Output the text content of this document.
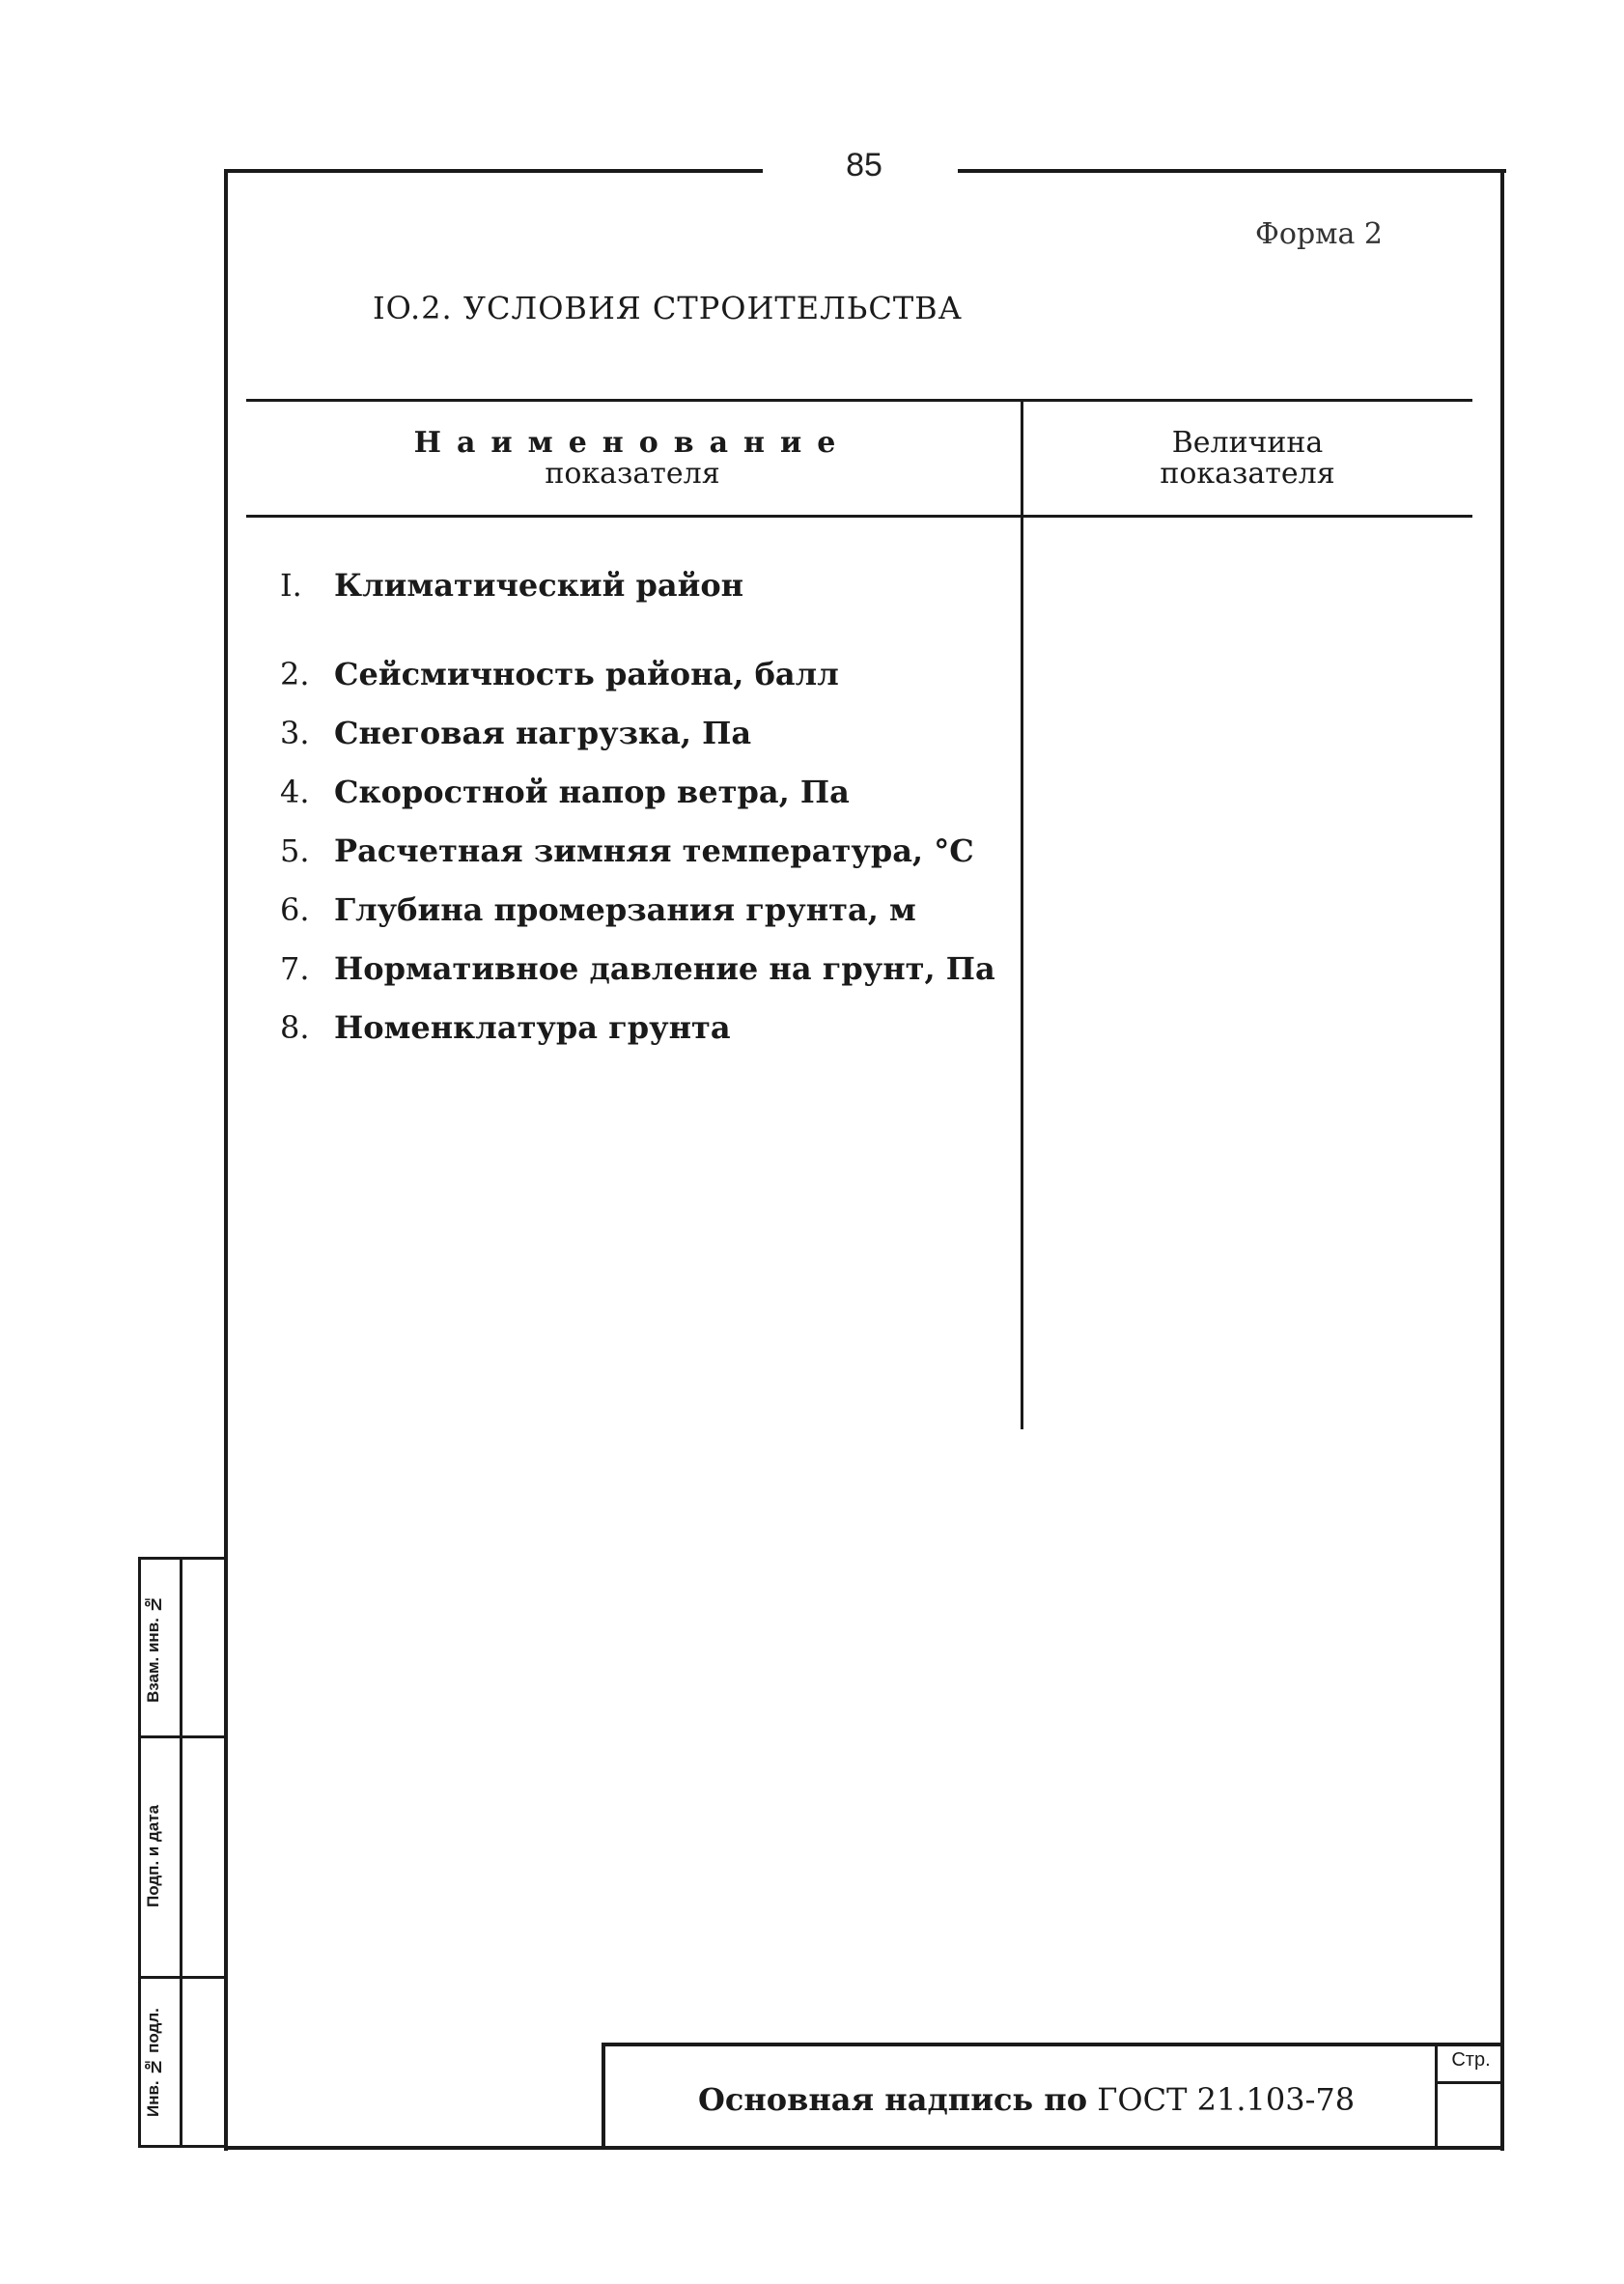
85
Форма 2
IO.2. УСЛОВИЯ СТРОИТЕЛЬСТВА
Наименование
показателя
Величина
показателя
I. Климатический район
2. Сейсмичность района, балл
3. Снеговая нагрузка, Па
4. Скоростной напор ветра, Па
5. Расчетная зимняя температура, °C
6. Глубина промерзания грунта, м
7. Нормативное давление на грунт, Па
8. Номенклатура грунта
Инв. № подл.
Подп. и дата
Взам. инв. №
Основная надпись по ГОСТ 21.103-78
Стр.
